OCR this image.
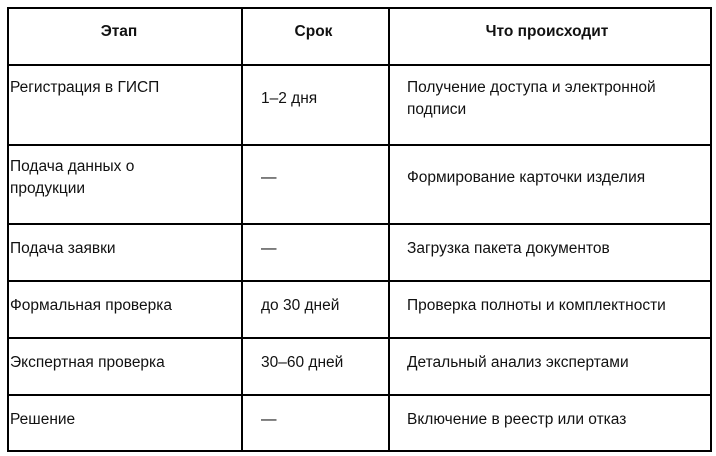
Этап	Срок	Что происходит

Регистрация в ГИСП	1–2 дня	Получение доступа и электронной подписи

Подача данных о продукции	—	Формирование карточки изделия

Подача заявки	—	Загрузка пакета документов

Формальная проверка	до 30 дней	Проверка полноты и комплектности

Экспертная проверка	30–60 дней	Детальный анализ экспертами

Решение	—	Включение в реестр или отказ
